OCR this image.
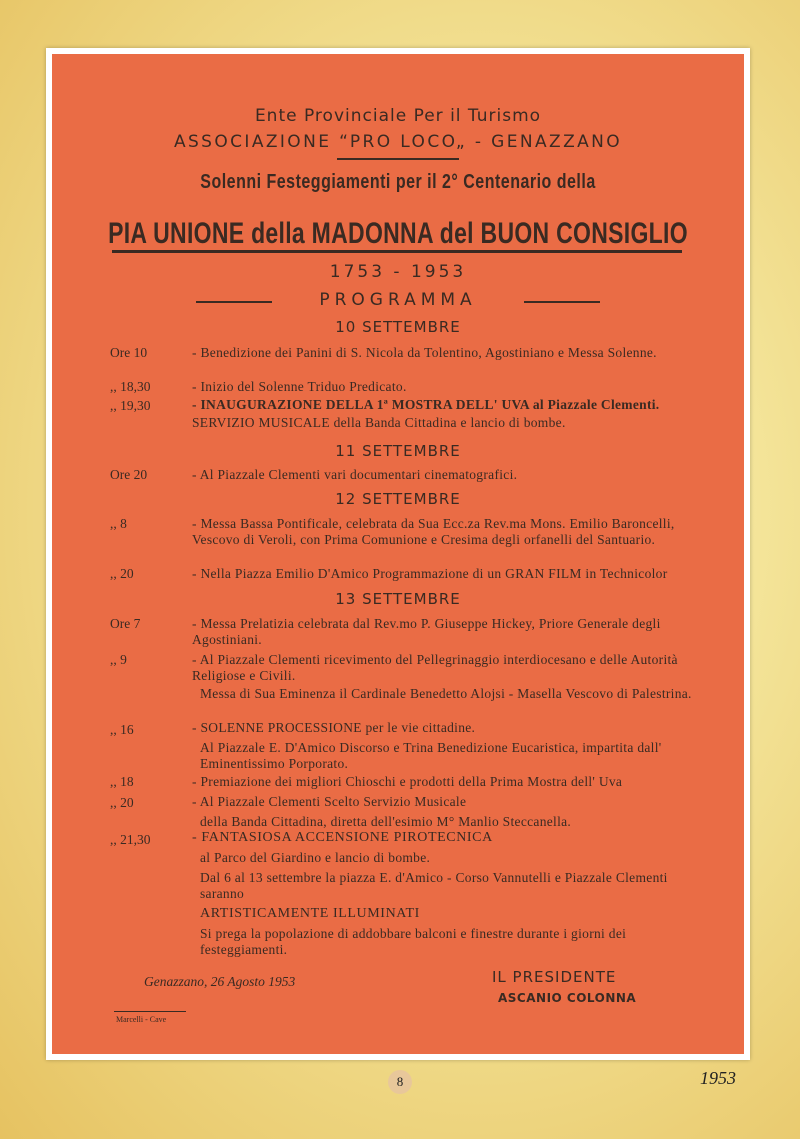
Ente Provinciale Per il Turismo
ASSOCIAZIONE “PRO LOCO„ - GENAZZANO
Solenni Festeggiamenti per il 2° Centenario della
PIA UNIONE della MADONNA del BUON CONSIGLIO
1753 - 1953
PROGRAMMA
10 SETTEMBRE
Ore 10	- Benedizione dei Panini di S. Nicola da Tolentino, Agostiniano e Messa Solenne.
,, 18,30	- Inizio del Solenne Triduo Predicato.
,, 19,30	- INAUGURAZIONE DELLA 1ª MOSTRA DELL' UVA al Piazzale Clementi.
SERVIZIO MUSICALE della Banda Cittadina e lancio di bombe.
11 SETTEMBRE
Ore 20	- Al Piazzale Clementi vari documentari cinematografici.
12 SETTEMBRE
,, 8	- Messa Bassa Pontificale, celebrata da Sua Ecc.za Rev.ma Mons. Emilio Baroncelli, Vescovo di Veroli, con Prima Comunione e Cresima degli orfanelli del Santuario.
,, 20	- Nella Piazza Emilio D'Amico Programmazione di un GRAN FILM in Technicolor
13 SETTEMBRE
Ore 7	- Messa Prelatizia celebrata dal Rev.mo P. Giuseppe Hickey, Priore Generale degli Agostiniani.
,, 9	- Al Piazzale Clementi ricevimento del Pellegrinaggio interdiocesano e delle Autorità Religiose e Civili.
Messa di Sua Eminenza il Cardinale Benedetto Alojsi - Masella Vescovo di Palestrina.
,, 16	- SOLENNE PROCESSIONE per le vie cittadine.
Al Piazzale E. D'Amico Discorso e Trina Benedizione Eucaristica, impartita dall' Eminentissimo Porporato.
,, 18	- Premiazione dei migliori Chioschi e prodotti della Prima Mostra dell' Uva
,, 20	- Al Piazzale Clementi Scelto Servizio Musicale
della Banda Cittadina, diretta dell'esimio M° Manlio Steccanella.
,, 21,30	- FANTASIOSA ACCENSIONE PIROTECNICA
al Parco del Giardino e lancio di bombe.
Dal 6 al 13 settembre la piazza E. d'Amico - Corso Vannutelli e Piazzale Clementi saranno
ARTISTICAMENTE ILLUMINATI
Si prega la popolazione di addobbare balconi e finestre durante i giorni dei festeggiamenti.
Genazzano, 26 Agosto 1953	IL PRESIDENTE
ASCANIO COLONNA
Marcelli - Cave
8	1953
